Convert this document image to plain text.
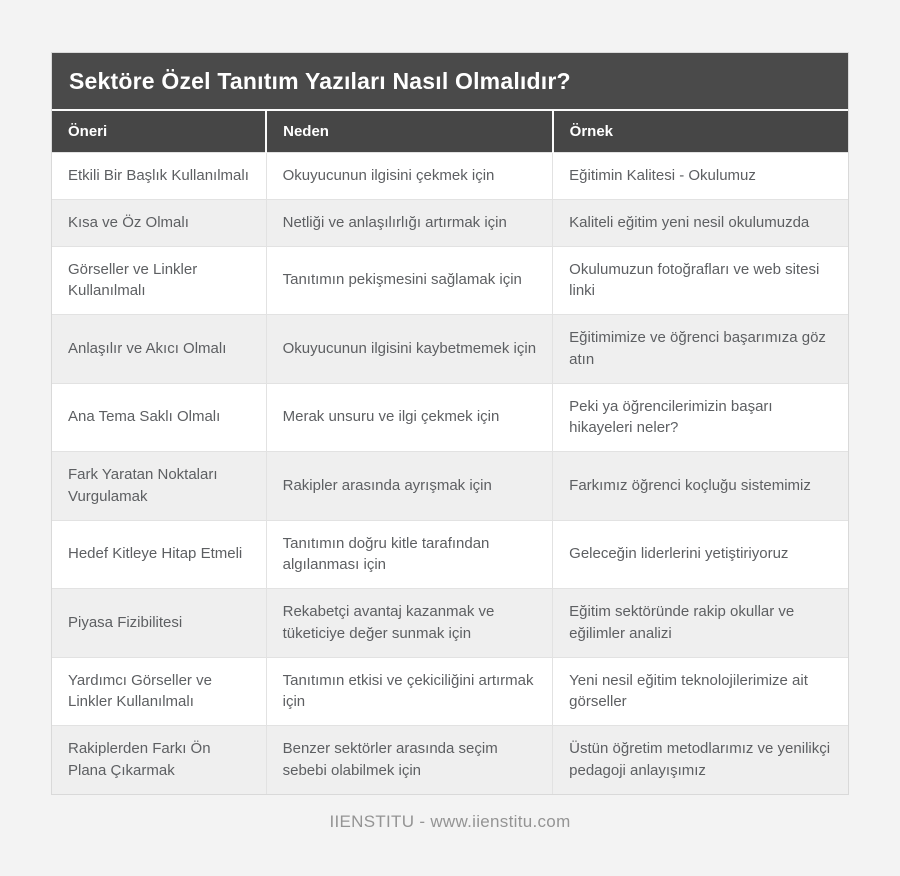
Sektöre Özel Tanıtım Yazıları Nasıl Olmalıdır?
Öneri	Neden	Örnek
Etkili Bir Başlık Kullanılmalı	Okuyucunun ilgisini çekmek için	Eğitimin Kalitesi - Okulumuz
Kısa ve Öz Olmalı	Netliği ve anlaşılırlığı artırmak için	Kaliteli eğitim yeni nesil okulumuzda
Görseller ve Linkler Kullanılmalı	Tanıtımın pekişmesini sağlamak için	Okulumuzun fotoğrafları ve web sitesi linki
Anlaşılır ve Akıcı Olmalı	Okuyucunun ilgisini kaybetmemek için	Eğitimimize ve öğrenci başarımıza göz atın
Ana Tema Saklı Olmalı	Merak unsuru ve ilgi çekmek için	Peki ya öğrencilerimizin başarı hikayeleri neler?
Fark Yaratan Noktaları Vurgulamak	Rakipler arasında ayrışmak için	Farkımız öğrenci koçluğu sistemimiz
Hedef Kitleye Hitap Etmeli	Tanıtımın doğru kitle tarafından algılanması için	Geleceğin liderlerini yetiştiriyoruz
Piyasa Fizibilitesi	Rekabetçi avantaj kazanmak ve tüketiciye değer sunmak için	Eğitim sektöründe rakip okullar ve eğilimler analizi
Yardımcı Görseller ve Linkler Kullanılmalı	Tanıtımın etkisi ve çekiciliğini artırmak için	Yeni nesil eğitim teknolojilerimize ait görseller
Rakiplerden Farkı Ön Plana Çıkarmak	Benzer sektörler arasında seçim sebebi olabilmek için	Üstün öğretim metodlarımız ve yenilikçi pedagoji anlayışımız
IIENSTITU - www.iienstitu.com
